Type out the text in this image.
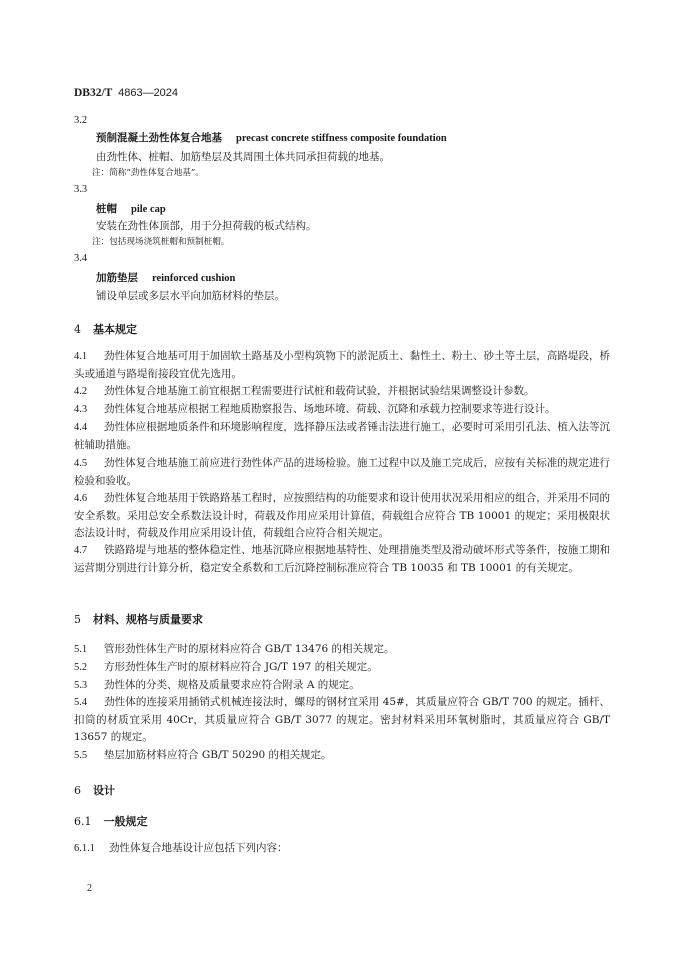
DB32/T 4863—2024
3.2
预制混凝土劲性体复合地基 precast concrete stiffness composite foundation
由劲性体、桩帽、加筋垫层及其周围土体共同承担荷载的地基。
注：简称“劲性体复合地基”。
3.3
桩帽 pile cap
安装在劲性体顶部，用于分担荷载的板式结构。
注：包括现场浇筑桩帽和预制桩帽。
3.4
加筋垫层 reinforced cushion
铺设单层或多层水平向加筋材料的垫层。
4 基本规定
4.1 劲性体复合地基可用于加固软土路基及小型构筑物下的淤泥质土、黏性土、粉土、砂土等土层，高路堤段，桥头或通道与路堤衔接段宜优先选用。
4.2 劲性体复合地基施工前宜根据工程需要进行试桩和载荷试验，并根据试验结果调整设计参数。
4.3 劲性体复合地基应根据工程地质勘察报告、场地环境、荷载、沉降和承载力控制要求等进行设计。
4.4 劲性体应根据地质条件和环境影响程度，选择静压法或者锤击法进行施工，必要时可采用引孔法、植入法等沉桩辅助措施。
4.5 劲性体复合地基施工前应进行劲性体产品的进场检验。施工过程中以及施工完成后，应按有关标准的规定进行检验和验收。
4.6 劲性体复合地基用于铁路路基工程时，应按照结构的功能要求和设计使用状况采用相应的组合，并采用不同的安全系数。采用总安全系数法设计时，荷载及作用应采用计算值，荷载组合应符合 TB 10001 的规定；采用极限状态法设计时，荷载及作用应采用设计值，荷载组合应符合相关规定。
4.7 铁路路堤与地基的整体稳定性、地基沉降应根据地基特性、处理措施类型及滑动破坏形式等条件，按施工期和运营期分别进行计算分析，稳定安全系数和工后沉降控制标准应符合 TB 10035 和 TB 10001 的有关规定。
5 材料、规格与质量要求
5.1 管形劲性体生产时的原材料应符合 GB/T 13476 的相关规定。
5.2 方形劲性体生产时的原材料应符合 JG/T 197 的相关规定。
5.3 劲性体的分类、规格及质量要求应符合附录 A 的规定。
5.4 劲性体的连接采用插销式机械连接法时，螺母的钢材宜采用 45#，其质量应符合 GB/T 700 的规定。插杆、扣筒的材质宜采用 40Cr，其质量应符合 GB/T 3077 的规定。密封材料采用环氧树脂时，其质量应符合 GB/T 13657 的规定。
5.5 垫层加筋材料应符合 GB/T 50290 的相关规定。
6 设计
6.1 一般规定
6.1.1 劲性体复合地基设计应包括下列内容：
2
